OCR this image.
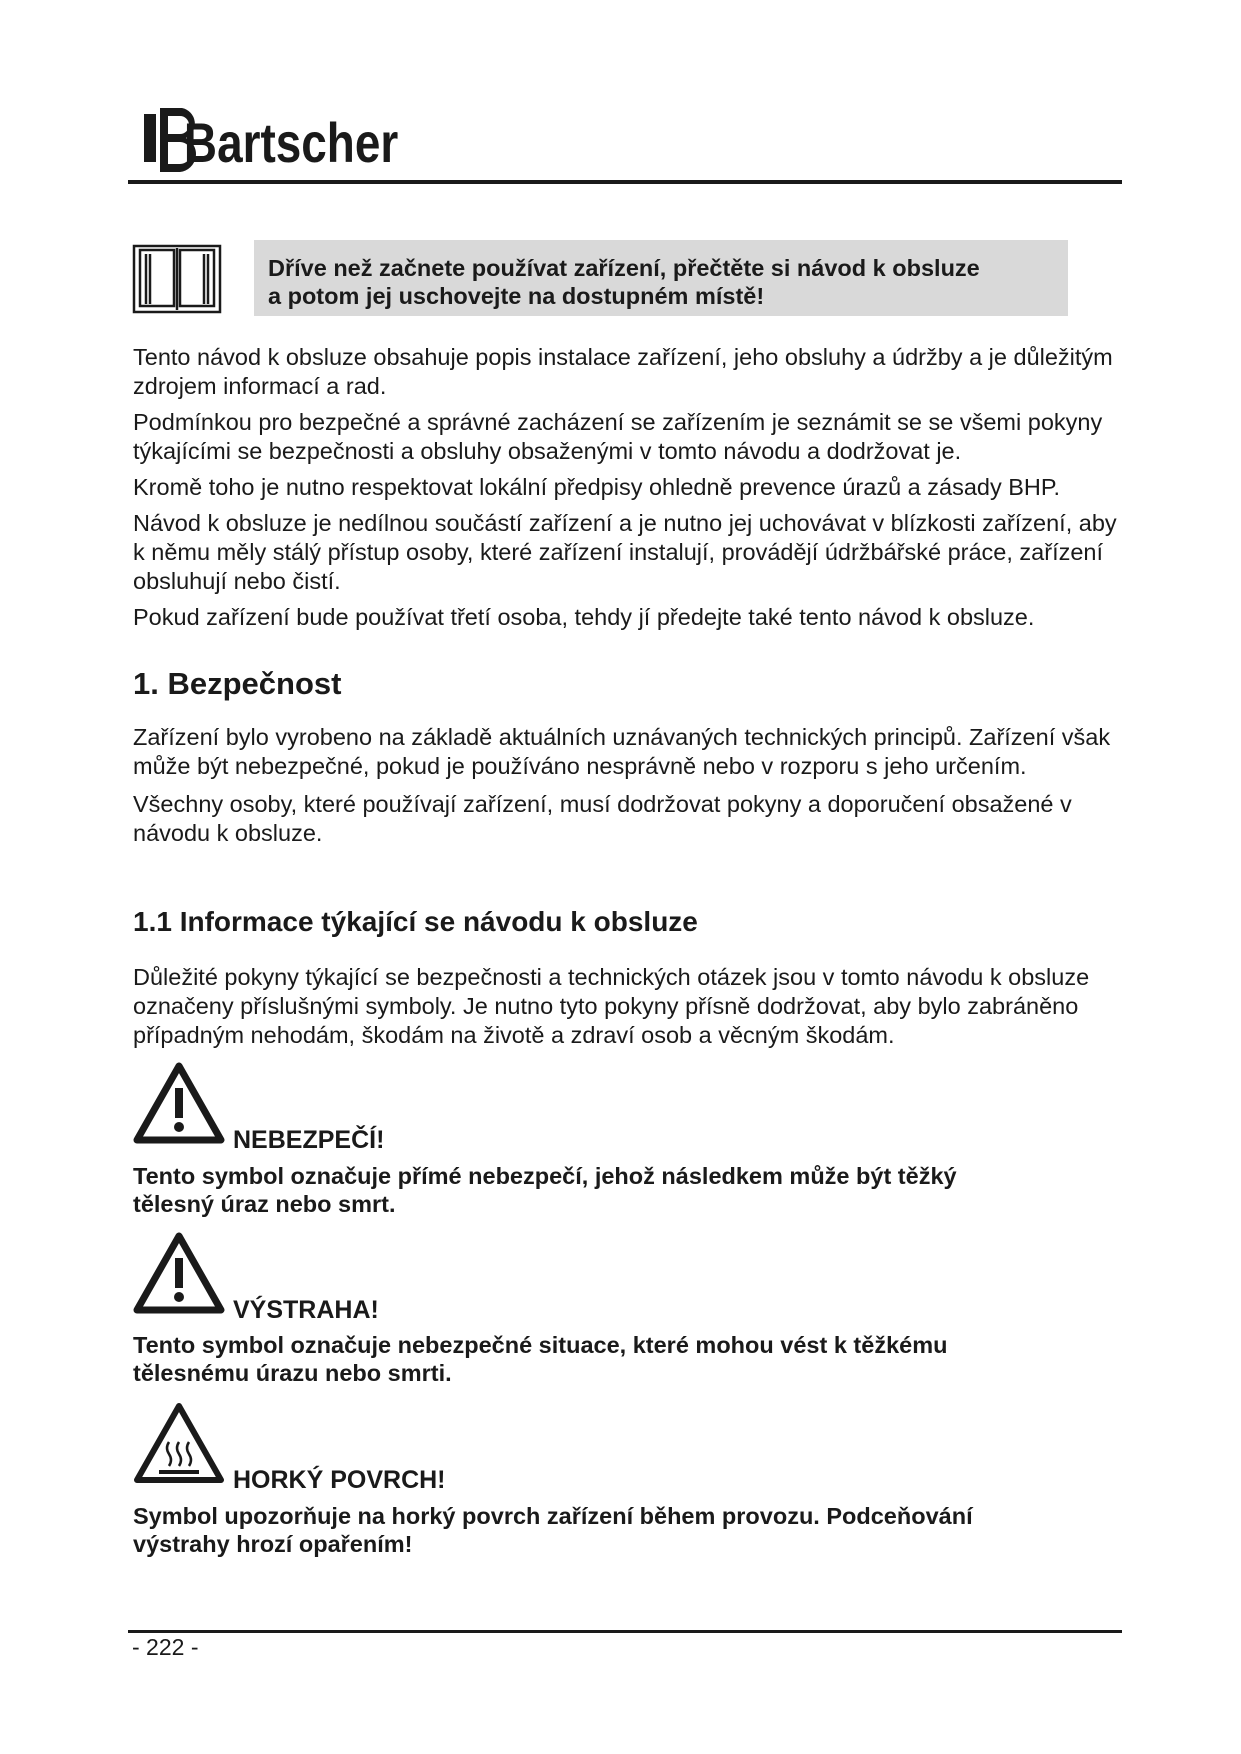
Bartscher
Dříve než začnete používat zařízení, přečtěte si návod k obsluze
a potom jej uschovejte na dostupném místě!

Tento návod k obsluze obsahuje popis instalace zařízení, jeho obsluhy a údržby a je důležitým zdrojem informací a rad.

Podmínkou pro bezpečné a správné zacházení se zařízením je seznámit se se všemi pokyny týkajícími se bezpečnosti a obsluhy obsaženými v tomto návodu a dodržovat je.

Kromě toho je nutno respektovat lokální předpisy ohledně prevence úrazů a zásady BHP.

Návod k obsluze je nedílnou součástí zařízení a je nutno jej uchovávat v blízkosti zařízení, aby k němu měly stálý přístup osoby, které zařízení instalují, provádějí údržbářské práce, zařízení obsluhují nebo čistí.

Pokud zařízení bude používat třetí osoba, tehdy jí předejte také tento návod k obsluze.

1. Bezpečnost

Zařízení bylo vyrobeno na základě aktuálních uznávaných technických principů. Zařízení však může být nebezpečné, pokud je používáno nesprávně nebo v rozporu s jeho určením.

Všechny osoby, které používají zařízení, musí dodržovat pokyny a doporučení obsažené v návodu k obsluze.

1.1 Informace týkající se návodu k obsluze

Důležité pokyny týkající se bezpečnosti a technických otázek jsou v tomto návodu k obsluze označeny příslušnými symboly. Je nutno tyto pokyny přísně dodržovat, aby bylo zabráněno případným nehodám, škodám na životě a zdraví osob a věcným škodám.

NEBEZPEČÍ!
Tento symbol označuje přímé nebezpečí, jehož následkem může být těžký tělesný úraz nebo smrt.
VÝSTRAHA!
Tento symbol označuje nebezpečné situace, které mohou vést k těžkému tělesnému úrazu nebo smrti.
HORKÝ POVRCH!
Symbol upozorňuje na horký povrch zařízení během provozu. Podceňování výstrahy hrozí opařením!
- 222 -
